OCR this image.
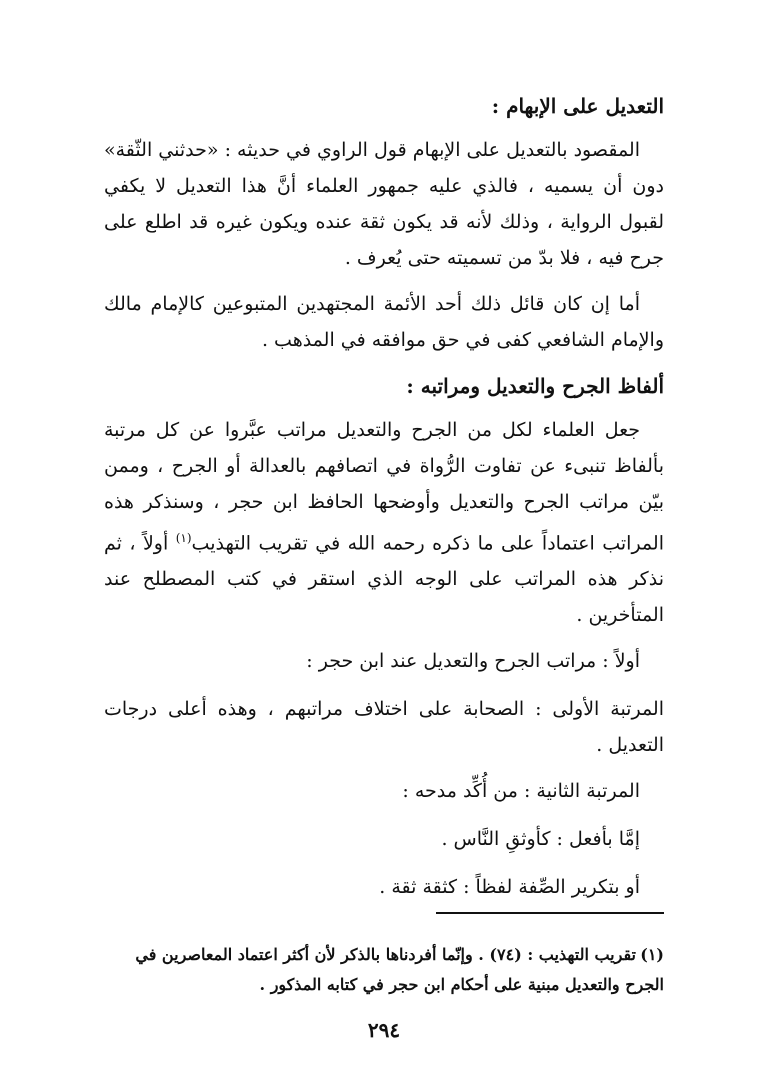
التعديل على الإبهام :

المقصود بالتعديل على الإبهام قول الراوي في حديثه : «حدثني الثّقة» دون أن يسميه ، فالذي عليه جمهور العلماء أنَّ هذا التعديل لا يكفي لقبول الرواية ، وذلك لأنه قد يكون ثقة عنده ويكون غيره قد اطلع على جرح فيه ، فلا بدّ من تسميته حتى يُعرف .

أما إن كان قائل ذلك أحد الأئمة المجتهدين المتبوعين كالإمام مالك والإمام الشافعي كفى في حق موافقه في المذهب .

ألفاظ الجرح والتعديل ومراتبه :

جعل العلماء لكل من الجرح والتعديل مراتب عبَّروا عن كل مرتبة بألفاظ تنبىء عن تفاوت الرُّواة في اتصافهم بالعدالة أو الجرح ، وممن بيّن مراتب الجرح والتعديل وأوضحها الحافظ ابن حجر ، وسنذكر هذه المراتب اعتماداً على ما ذكره رحمه الله في تقريب التهذيب$^{(١)}$ أولاً ، ثم نذكر هذه المراتب على الوجه الذي استقر في كتب المصطلح عند المتأخرين .

أولاً : مراتب الجرح والتعديل عند ابن حجر :

المرتبة الأولى : الصحابة على اختلاف مراتبهم ، وهذه أعلى درجات التعديل .

المرتبة الثانية : من أُكِّد مدحه :

إمَّا بأفعل : كأوثقِ النَّاس .

أو بتكرير الصِّفة لفظاً : كثقة ثقة .

(١)تقريب التهذيب : (٧٤) . وإنّما أفردناها بالذكر لأن أكثر اعتماد المعاصرين في الجرح والتعديل مبنية على أحكام ابن حجر في كتابه المذكور .
٢٩٤
